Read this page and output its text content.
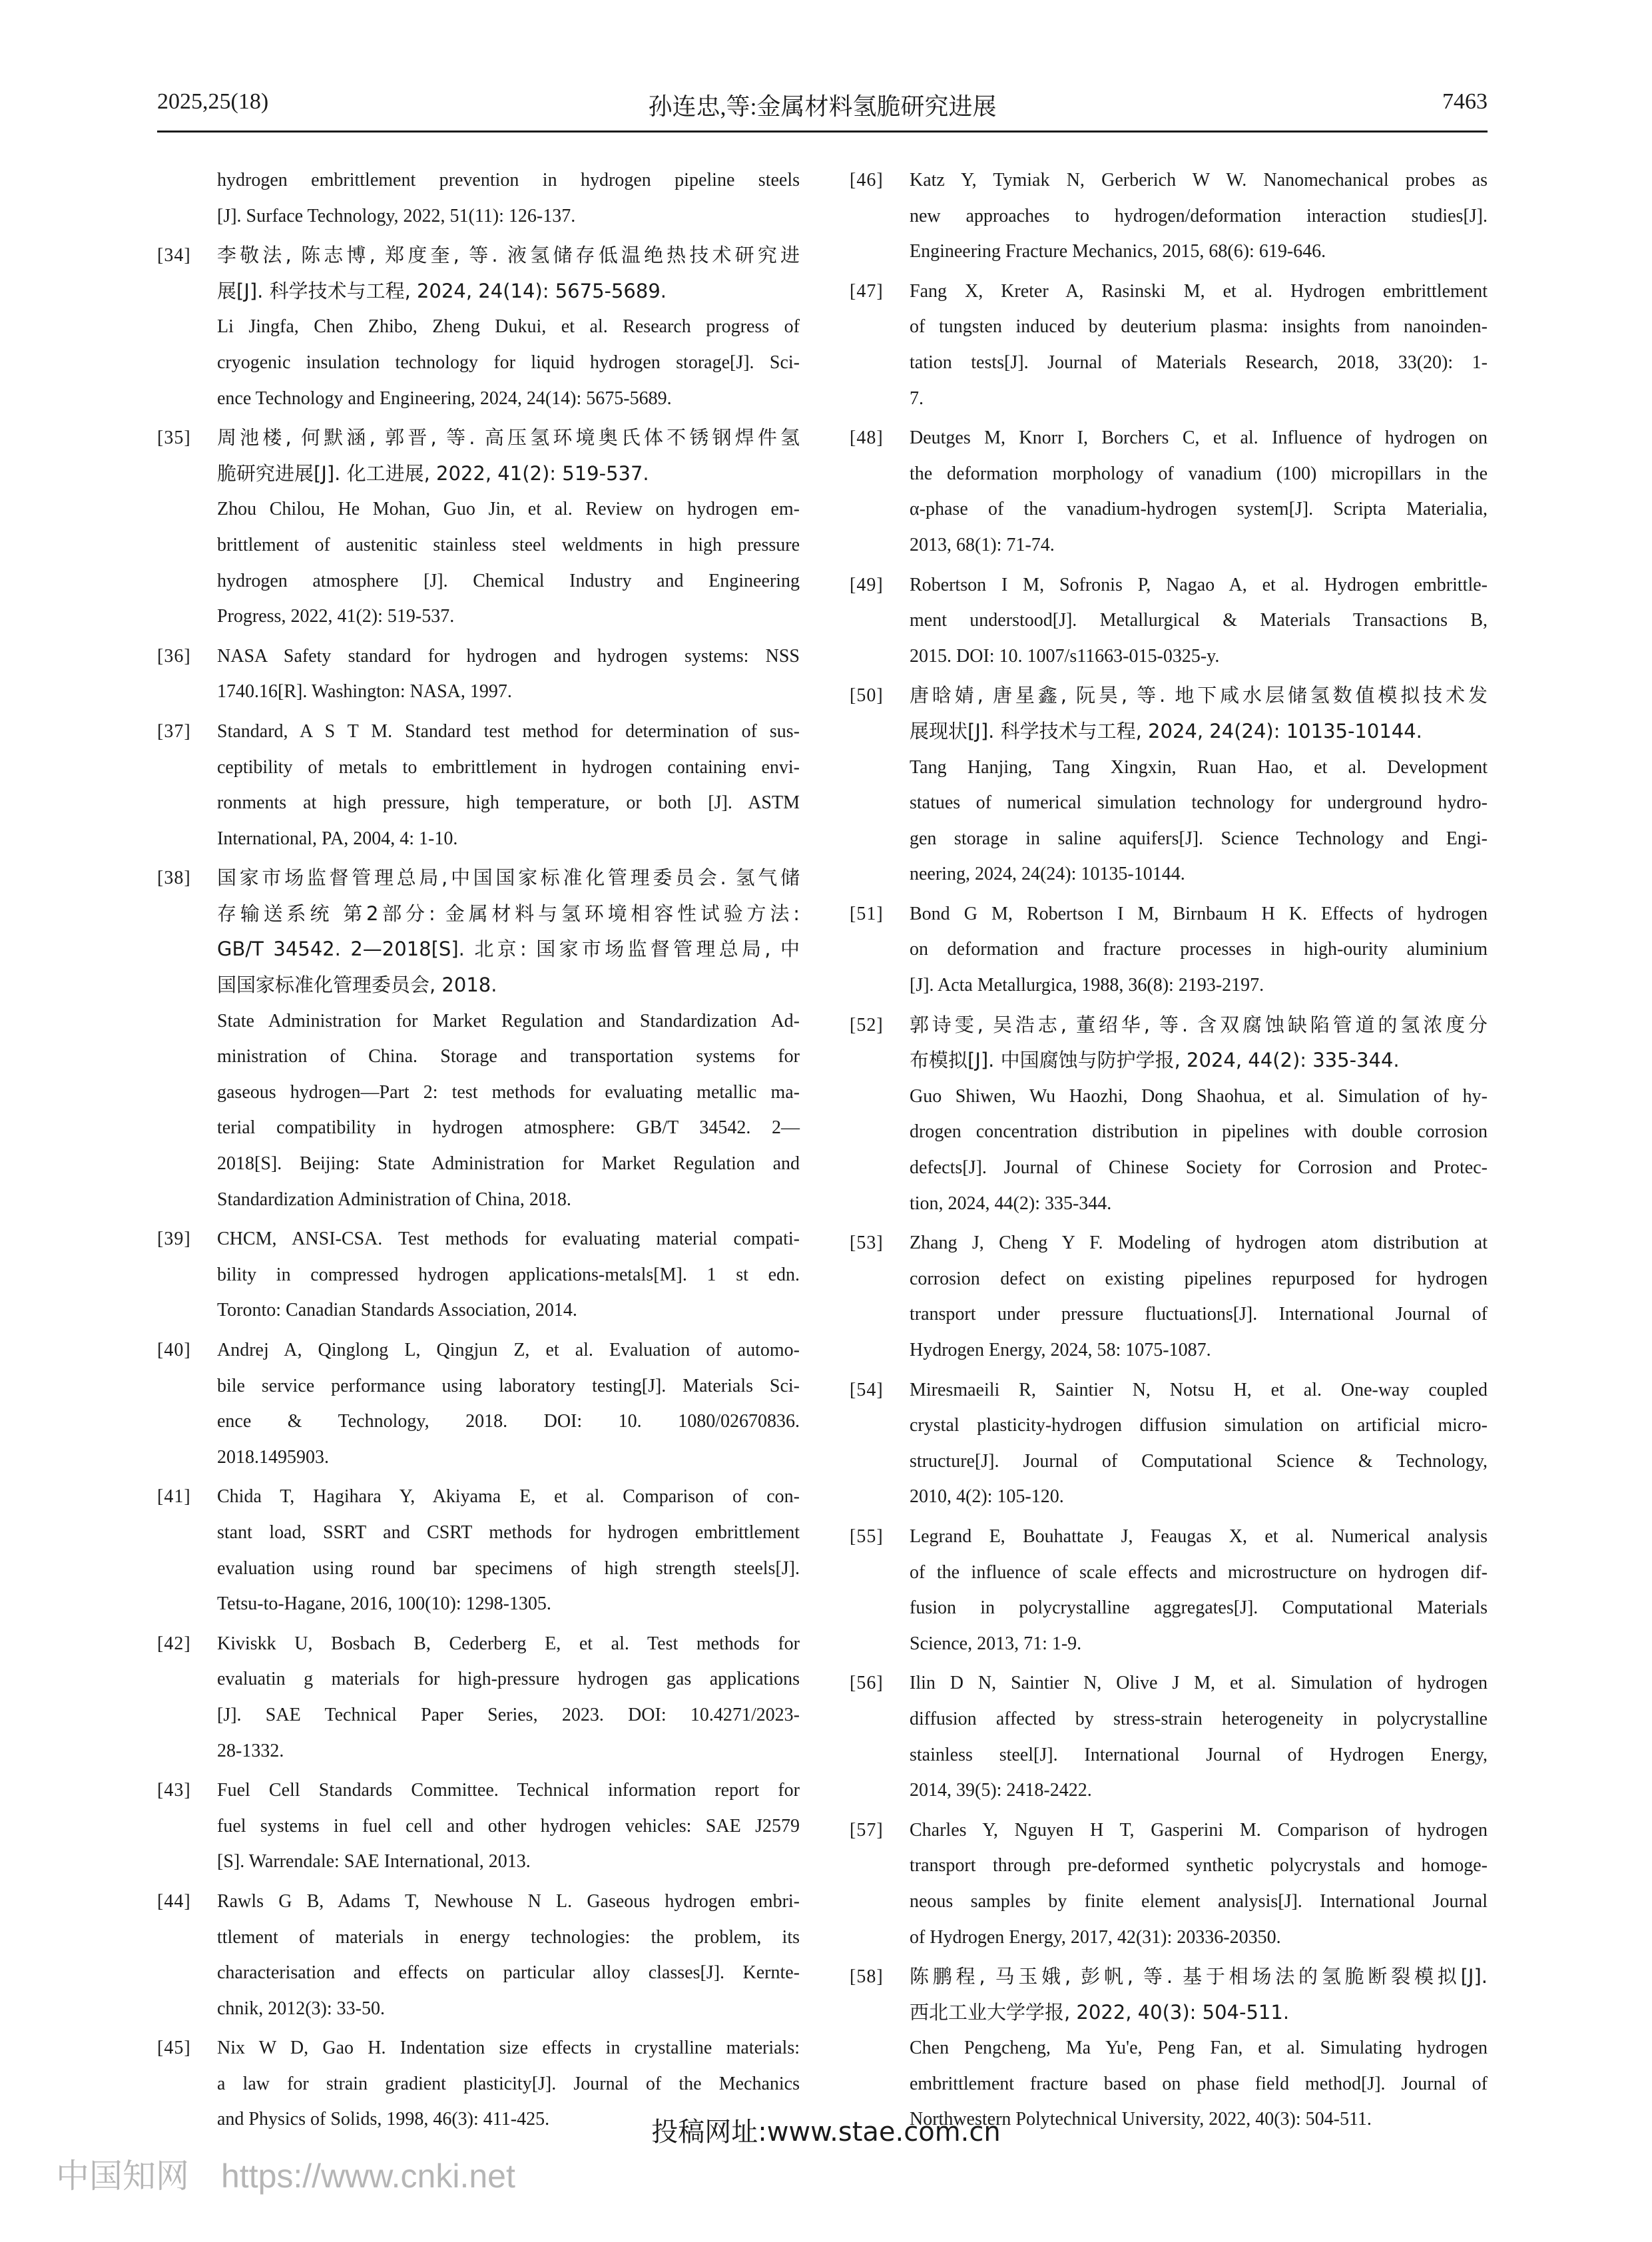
2025,25(18)	孙连忠,等:金属材料氢脆研究进展	7463
hydrogen embrittlement prevention in hydrogen pipeline steels
[J]. Surface Technology, 2022, 51(11): 126-137.
[34] 李敬法, 陈志博, 郑度奎, 等. 液氢储存低温绝热技术研究进
展[J]. 科学技术与工程, 2024, 24(14): 5675-5689.
Li Jingfa, Chen Zhibo, Zheng Dukui, et al. Research progress of
cryogenic insulation technology for liquid hydrogen storage[J]. Sci-
ence Technology and Engineering, 2024, 24(14): 5675-5689.
[35] 周池楼, 何默涵, 郭晋, 等. 高压氢环境奥氏体不锈钢焊件氢
脆研究进展[J]. 化工进展, 2022, 41(2): 519-537.
Zhou Chilou, He Mohan, Guo Jin, et al. Review on hydrogen em-
brittlement of austenitic stainless steel weldments in high pressure
hydrogen atmosphere [J]. Chemical Industry and Engineering
Progress, 2022, 41(2): 519-537.
[36] NASA Safety standard for hydrogen and hydrogen systems: NSS
1740.16[R]. Washington: NASA, 1997.
[37] Standard, A S T M. Standard test method for determination of sus-
ceptibility of metals to embrittlement in hydrogen containing envi-
ronments at high pressure, high temperature, or both [J]. ASTM
International, PA, 2004, 4: 1-10.
[38] 国家市场监督管理总局,中国国家标准化管理委员会. 氢气储
存输送系统 第2部分: 金属材料与氢环境相容性试验方法:
GB/T 34542. 2—2018[S]. 北京: 国家市场监督管理总局, 中
国国家标准化管理委员会, 2018.
State Administration for Market Regulation and Standardization Ad-
ministration of China. Storage and transportation systems for
gaseous hydrogen—Part 2: test methods for evaluating metallic ma-
terial compatibility in hydrogen atmosphere: GB/T 34542. 2—
2018[S]. Beijing: State Administration for Market Regulation and
Standardization Administration of China, 2018.
[39] CHCM, ANSI-CSA. Test methods for evaluating material compati-
bility in compressed hydrogen applications-metals[M]. 1 st edn.
Toronto: Canadian Standards Association, 2014.
[40] Andrej A, Qinglong L, Qingjun Z, et al. Evaluation of automo-
bile service performance using laboratory testing[J]. Materials Sci-
ence & Technology, 2018. DOI: 10. 1080/02670836.
2018.1495903.
[41] Chida T, Hagihara Y, Akiyama E, et al. Comparison of con-
stant load, SSRT and CSRT methods for hydrogen embrittlement
evaluation using round bar specimens of high strength steels[J].
Tetsu-to-Hagane, 2016, 100(10): 1298-1305.
[42] Kiviskk U, Bosbach B, Cederberg E, et al. Test methods for
evaluatin g materials for high-pressure hydrogen gas applications
[J]. SAE Technical Paper Series, 2023. DOI: 10.4271/2023-
28-1332.
[43] Fuel Cell Standards Committee. Technical information report for
fuel systems in fuel cell and other hydrogen vehicles: SAE J2579
[S]. Warrendale: SAE International, 2013.
[44] Rawls G B, Adams T, Newhouse N L. Gaseous hydrogen embri-
ttlement of materials in energy technologies: the problem, its
characterisation and effects on particular alloy classes[J]. Kernte-
chnik, 2012(3): 33-50.
[45] Nix W D, Gao H. Indentation size effects in crystalline materials:
a law for strain gradient plasticity[J]. Journal of the Mechanics
and Physics of Solids, 1998, 46(3): 411-425.
[46] Katz Y, Tymiak N, Gerberich W W. Nanomechanical probes as
new approaches to hydrogen/deformation interaction studies[J].
Engineering Fracture Mechanics, 2015, 68(6): 619-646.
[47] Fang X, Kreter A, Rasinski M, et al. Hydrogen embrittlement
of tungsten induced by deuterium plasma: insights from nanoinden-
tation tests[J]. Journal of Materials Research, 2018, 33(20): 1-
7.
[48] Deutges M, Knorr I, Borchers C, et al. Influence of hydrogen on
the deformation morphology of vanadium (100) micropillars in the
α-phase of the vanadium-hydrogen system[J]. Scripta Materialia,
2013, 68(1): 71-74.
[49] Robertson I M, Sofronis P, Nagao A, et al. Hydrogen embrittle-
ment understood[J]. Metallurgical & Materials Transactions B,
2015. DOI: 10. 1007/s11663-015-0325-y.
[50] 唐晗婧, 唐星鑫, 阮昊, 等. 地下咸水层储氢数值模拟技术发
展现状[J]. 科学技术与工程, 2024, 24(24): 10135-10144.
Tang Hanjing, Tang Xingxin, Ruan Hao, et al. Development
statues of numerical simulation technology for underground hydro-
gen storage in saline aquifers[J]. Science Technology and Engi-
neering, 2024, 24(24): 10135-10144.
[51] Bond G M, Robertson I M, Birnbaum H K. Effects of hydrogen
on deformation and fracture processes in high-ourity aluminium
[J]. Acta Metallurgica, 1988, 36(8): 2193-2197.
[52] 郭诗雯, 吴浩志, 董绍华, 等. 含双腐蚀缺陷管道的氢浓度分
布模拟[J]. 中国腐蚀与防护学报, 2024, 44(2): 335-344.
Guo Shiwen, Wu Haozhi, Dong Shaohua, et al. Simulation of hy-
drogen concentration distribution in pipelines with double corrosion
defects[J]. Journal of Chinese Society for Corrosion and Protec-
tion, 2024, 44(2): 335-344.
[53] Zhang J, Cheng Y F. Modeling of hydrogen atom distribution at
corrosion defect on existing pipelines repurposed for hydrogen
transport under pressure fluctuations[J]. International Journal of
Hydrogen Energy, 2024, 58: 1075-1087.
[54] Miresmaeili R, Saintier N, Notsu H, et al. One-way coupled
crystal plasticity-hydrogen diffusion simulation on artificial micro-
structure[J]. Journal of Computational Science & Technology,
2010, 4(2): 105-120.
[55] Legrand E, Bouhattate J, Feaugas X, et al. Numerical analysis
of the influence of scale effects and microstructure on hydrogen dif-
fusion in polycrystalline aggregates[J]. Computational Materials
Science, 2013, 71: 1-9.
[56] Ilin D N, Saintier N, Olive J M, et al. Simulation of hydrogen
diffusion affected by stress-strain heterogeneity in polycrystalline
stainless steel[J]. International Journal of Hydrogen Energy,
2014, 39(5): 2418-2422.
[57] Charles Y, Nguyen H T, Gasperini M. Comparison of hydrogen
transport through pre-deformed synthetic polycrystals and homoge-
neous samples by finite element analysis[J]. International Journal
of Hydrogen Energy, 2017, 42(31): 20336-20350.
[58] 陈鹏程, 马玉娥, 彭帆, 等. 基于相场法的氢脆断裂模拟[J].
西北工业大学学报, 2022, 40(3): 504-511.
Chen Pengcheng, Ma Yu'e, Peng Fan, et al. Simulating hydrogen
embrittlement fracture based on phase field method[J]. Journal of
Northwestern Polytechnical University, 2022, 40(3): 504-511.
投稿网址:www.stae.com.cn
中国知网 https://www.cnki.net
